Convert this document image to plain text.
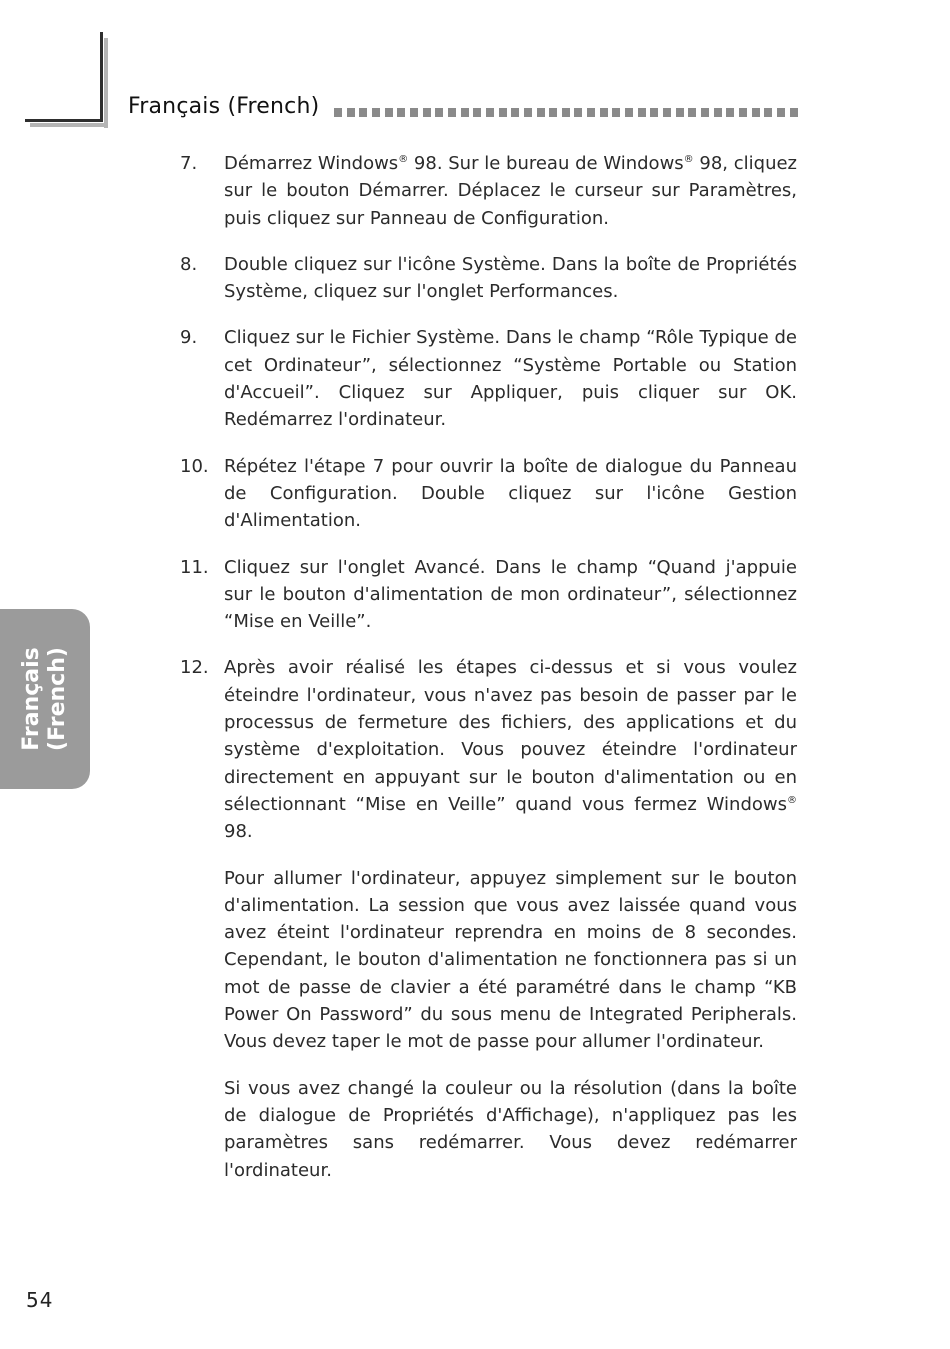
Français (French)
Français (French)
7.	Démarrez Windows® 98. Sur le bureau de Windows® 98, cliquez sur le bouton Démarrer. Déplacez le curseur sur Paramètres, puis cliquez sur Panneau de Configuration.
8.	Double cliquez sur l'icône Système. Dans la boîte de Propriétés Système, cliquez sur l'onglet Performances.
9.	Cliquez sur le Fichier Système. Dans le champ “Rôle Typique de cet Ordinateur”, sélectionnez “Système Portable ou Station d'Accueil”. Cliquez sur Appliquer, puis cliquer sur OK. Redémarrez l'ordinateur.
10. Répétez l'étape 7 pour ouvrir la boîte de dialogue du Panneau de Configuration. Double cliquez sur l'icône Gestion d'Alimentation.
11. Cliquez sur l'onglet Avancé. Dans le champ “Quand j'appuie sur le bouton d'alimentation de mon ordinateur”, sélectionnez “Mise en Veille”.
12. Après avoir réalisé les étapes ci-dessus et si vous voulez éteindre l'ordinateur, vous n'avez pas besoin de passer par le processus de fermeture des fichiers, des applications et du système d'exploitation. Vous pouvez éteindre l'ordinateur directement en appuyant sur le bouton d'alimentation ou en sélectionnant “Mise en Veille” quand vous fermez Windows® 98.
Pour allumer l'ordinateur, appuyez simplement sur le bouton d'alimentation. La session que vous avez laissée quand vous avez éteint l'ordinateur reprendra en moins de 8 secondes. Cependant, le bouton d'alimentation ne fonctionnera pas si un mot de passe de clavier a été paramétré dans le champ “KB Power On Password” du sous menu de Integrated Peripherals. Vous devez taper le mot de passe pour allumer l'ordinateur.
Si vous avez changé la couleur ou la résolution (dans la boîte de dialogue de Propriétés d'Affichage), n'appliquez pas les paramètres sans redémarrer. Vous devez redémarrer l'ordinateur.
54
